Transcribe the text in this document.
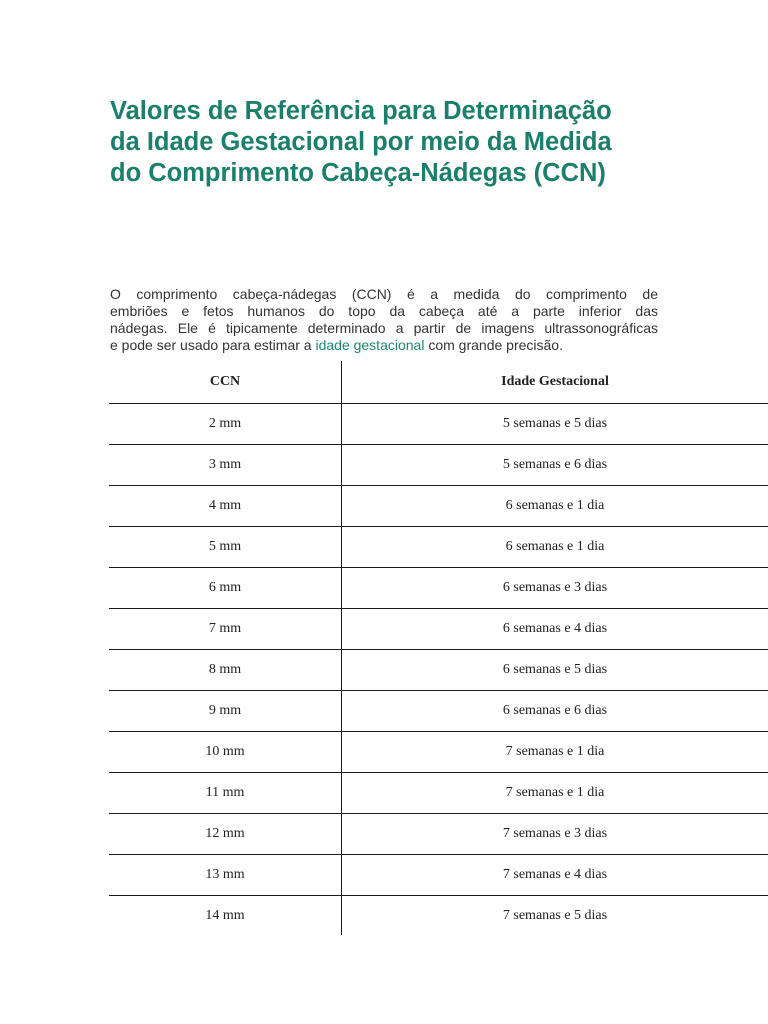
Valores de Referência para Determinação
da Idade Gestacional por meio da Medida
do Comprimento Cabeça-Nádegas (CCN)

O comprimento cabeça-nádegas (CCN) é a medida do comprimento de
embriões e fetos humanos do topo da cabeça até a parte inferior das
nádegas. Ele é tipicamente determinado a partir de imagens ultrassonográficas
e pode ser usado para estimar a idade gestacional com grande precisão.

CCN	Idade Gestacional
2 mm	5 semanas e 5 dias
3 mm	5 semanas e 6 dias
4 mm	6 semanas e 1 dia
5 mm	6 semanas e 1 dia
6 mm	6 semanas e 3 dias
7 mm	6 semanas e 4 dias
8 mm	6 semanas e 5 dias
9 mm	6 semanas e 6 dias
10 mm	7 semanas e 1 dia
11 mm	7 semanas e 1 dia
12 mm	7 semanas e 3 dias
13 mm	7 semanas e 4 dias
14 mm	7 semanas e 5 dias
